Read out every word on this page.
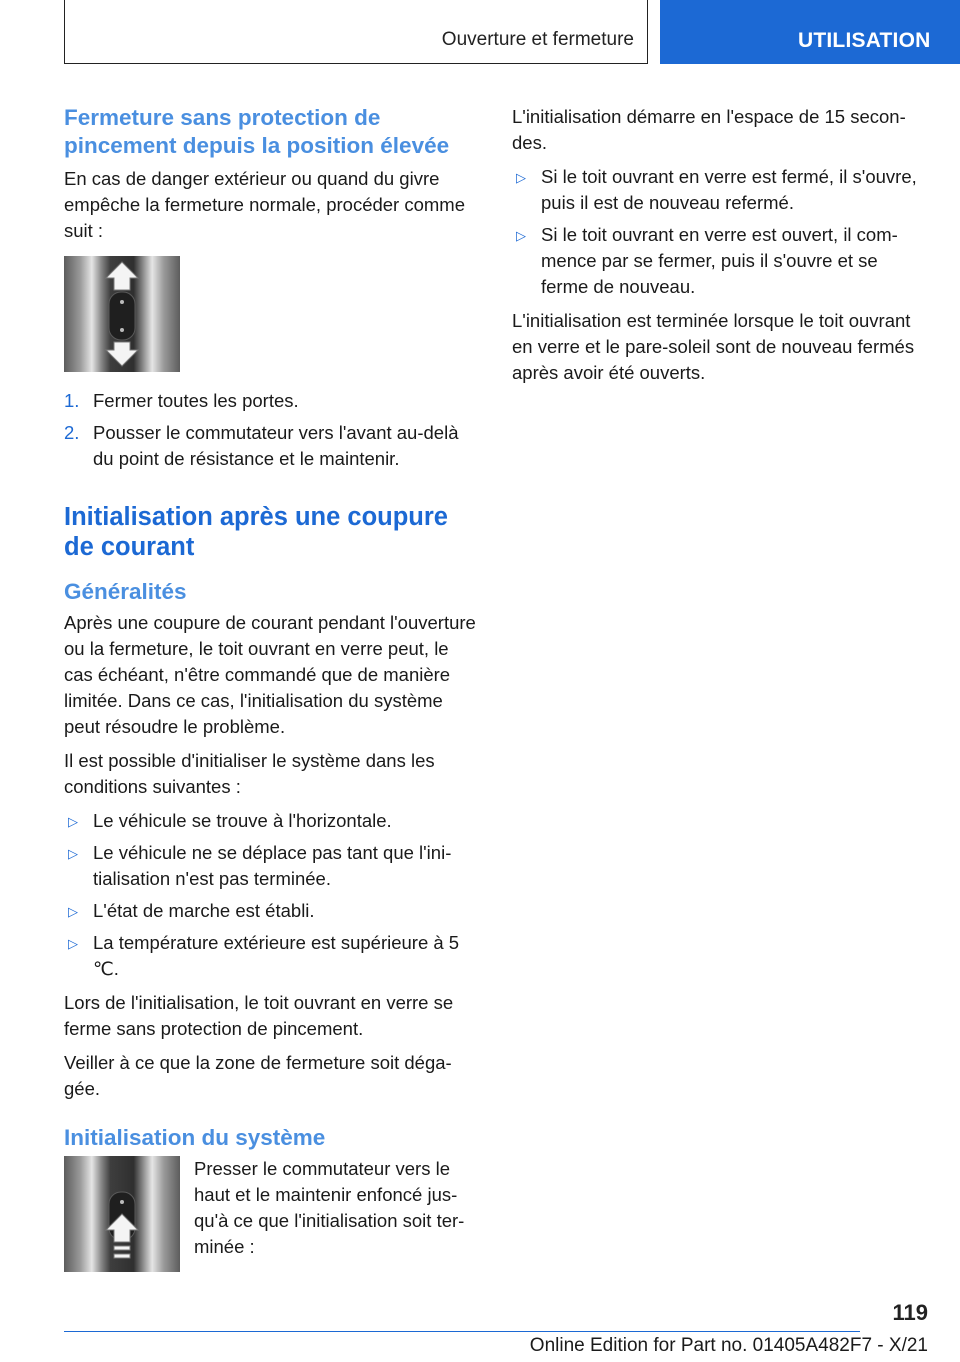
Ouverture et fermeture	UTILISATION
Fermeture sans protection de pincement depuis la position élevée

En cas de danger extérieur ou quand du givre empêche la fermeture normale, procéder comme suit :

1. Fermer toutes les portes.
2. Pousser le commutateur vers l'avant au-delà du point de résistance et le maintenir.
Initialisation après une coupure de courant
Généralités

Après une coupure de courant pendant l'ouverture ou la fermeture, le toit ouvrant en verre peut, le cas échéant, n'être commandé que de manière limitée. Dans ce cas, l'initialisation du système peut résoudre le problème.

Il est possible d'initialiser le système dans les conditions suivantes :

▷ Le véhicule se trouve à l'horizontale.
▷ Le véhicule ne se déplace pas tant que l'initialisation n'est pas terminée.
▷ L'état de marche est établi.
▷ La température extérieure est supérieure à 5 ℃.

Lors de l'initialisation, le toit ouvrant en verre se ferme sans protection de pincement.

Veiller à ce que la zone de fermeture soit dégagée.

Initialisation du système

Presser le commutateur vers le haut et le maintenir enfoncé jusqu'à ce que l'initialisation soit terminée :

L'initialisation démarre en l'espace de 15 secondes.

▷ Si le toit ouvrant en verre est fermé, il s'ouvre, puis il est de nouveau refermé.
▷ Si le toit ouvrant en verre est ouvert, il commence par se fermer, puis il s'ouvre et se ferme de nouveau.

L'initialisation est terminée lorsque le toit ouvrant en verre et le pare-soleil sont de nouveau fermés après avoir été ouverts.

119
Online Edition for Part no. 01405A482F7 - X/21
